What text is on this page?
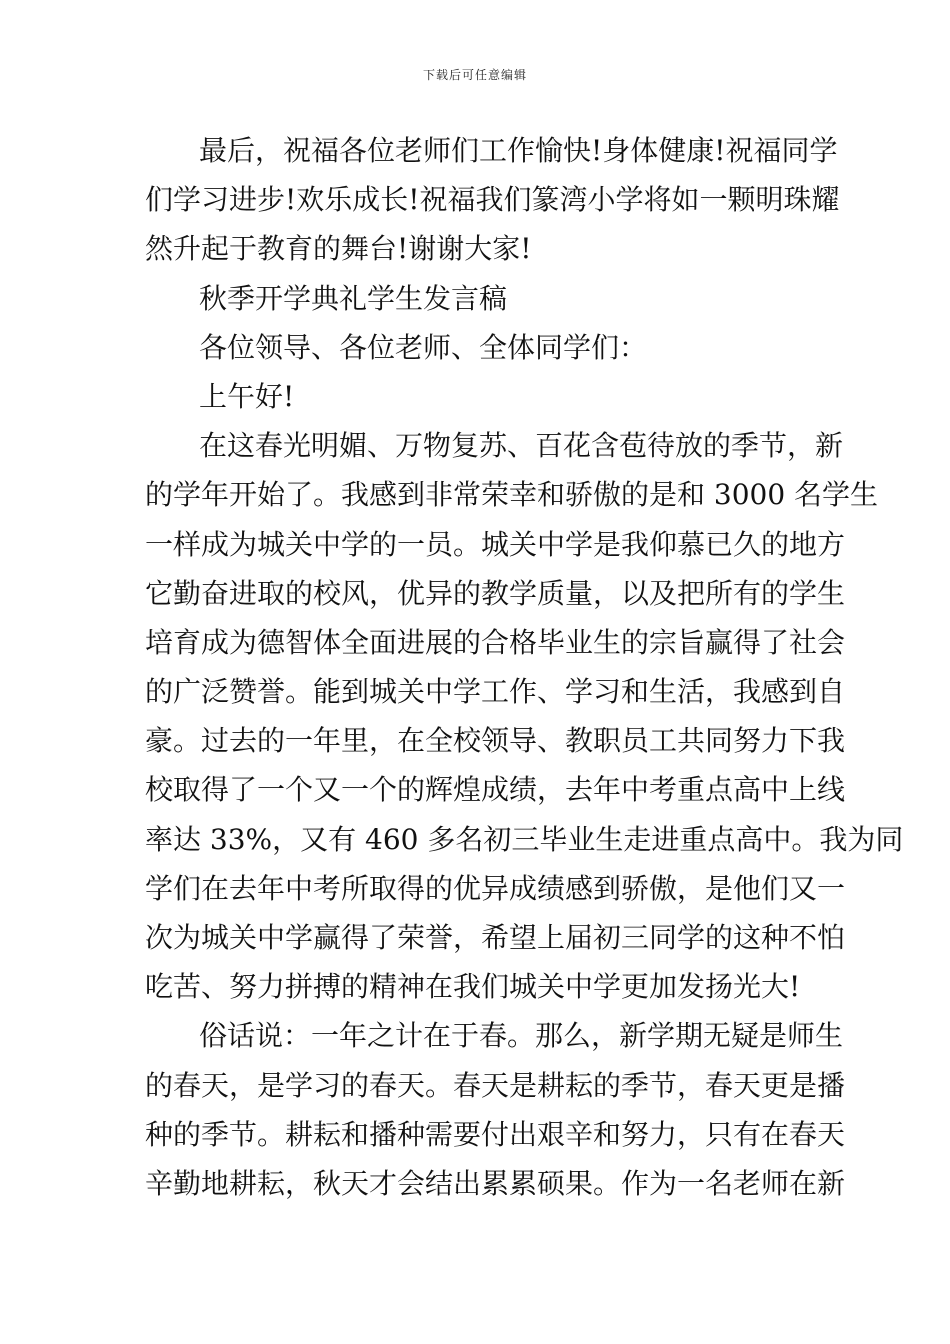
下载后可任意编辑
最后，祝福各位老师们工作愉快!身体健康!祝福同学
们学习进步!欢乐成长!祝福我们篆湾小学将如一颗明珠耀
然升起于教育的舞台!谢谢大家!
秋季开学典礼学生发言稿
各位领导、各位老师、全体同学们：
上午好!
在这春光明媚、万物复苏、百花含苞待放的季节，新
的学年开始了。我感到非常荣幸和骄傲的是和 3000 名学生
一样成为城关中学的一员。城关中学是我仰慕已久的地方
它勤奋进取的校风，优异的教学质量，以及把所有的学生
培育成为德智体全面进展的合格毕业生的宗旨赢得了社会
的广泛赞誉。能到城关中学工作、学习和生活，我感到自
豪。过去的一年里，在全校领导、教职员工共同努力下我
校取得了一个又一个的辉煌成绩，去年中考重点高中上线
率达 33%，又有 460 多名初三毕业生走进重点高中。我为同
学们在去年中考所取得的优异成绩感到骄傲，是他们又一
次为城关中学赢得了荣誉，希望上届初三同学的这种不怕
吃苦、努力拼搏的精神在我们城关中学更加发扬光大!
俗话说：一年之计在于春。那么，新学期无疑是师生
的春天，是学习的春天。春天是耕耘的季节，春天更是播
种的季节。耕耘和播种需要付出艰辛和努力，只有在春天
辛勤地耕耘，秋天才会结出累累硕果。作为一名老师在新
